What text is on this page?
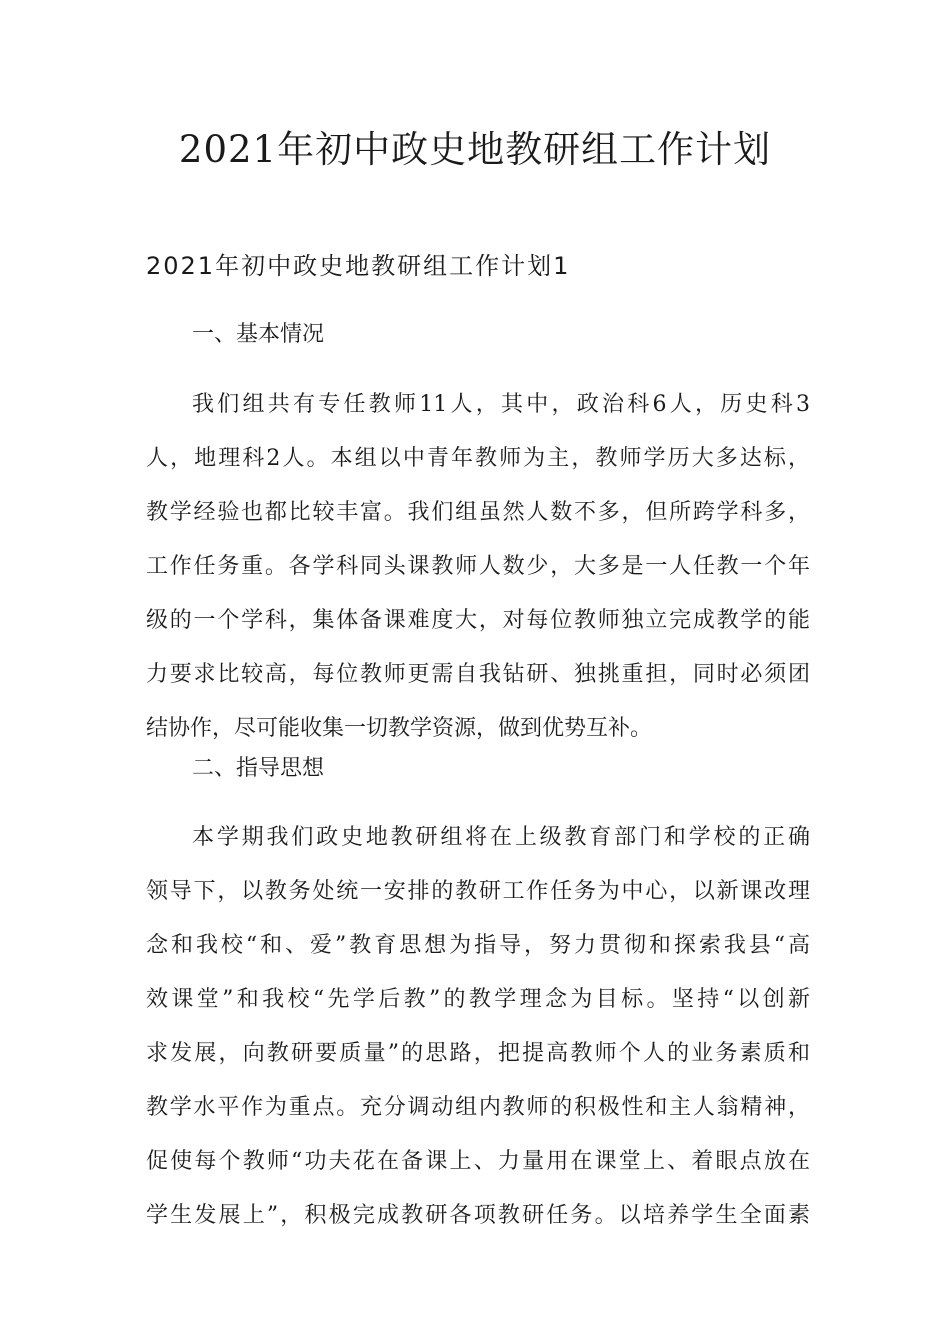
2021年初中政史地教研组工作计划
2021年初中政史地教研组工作计划1
一、基本情况
我们组共有专任教师11人，其中，政治科6人，历史科3
人，地理科2人。本组以中青年教师为主，教师学历大多达标，
教学经验也都比较丰富。我们组虽然人数不多，但所跨学科多，
工作任务重。各学科同头课教师人数少，大多是一人任教一个年
级的一个学科，集体备课难度大，对每位教师独立完成教学的能
力要求比较高，每位教师更需自我钻研、独挑重担，同时必须团
结协作，尽可能收集一切教学资源，做到优势互补。
二、指导思想
本学期我们政史地教研组将在上级教育部门和学校的正确
领导下，以教务处统一安排的教研工作任务为中心，以新课改理
念和我校“和、爱”教育思想为指导，努力贯彻和探索我县“高
效课堂”和我校“先学后教”的教学理念为目标。坚持“以创新
求发展，向教研要质量”的思路，把提高教师个人的业务素质和
教学水平作为重点。充分调动组内教师的积极性和主人翁精神，
促使每个教师“功夫花在备课上、力量用在课堂上、着眼点放在
学生发展上”，积极完成教研各项教研任务。以培养学生全面素
